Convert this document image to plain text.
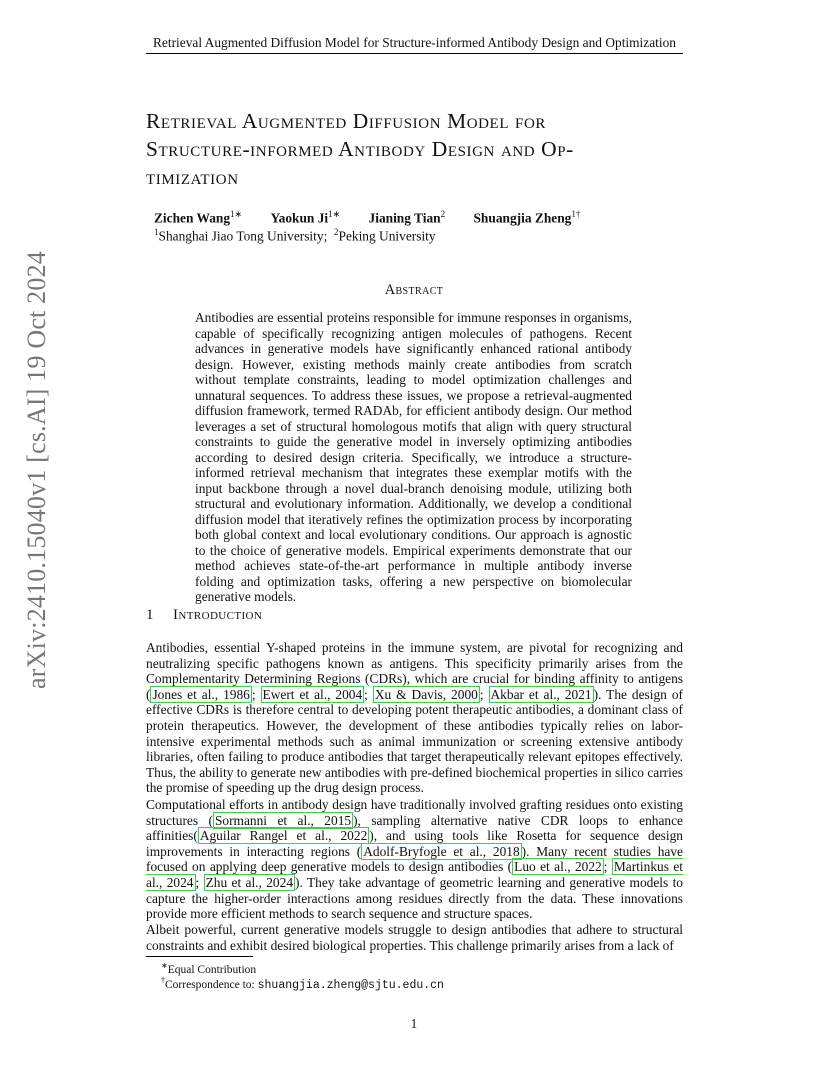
Retrieval Augmented Diffusion Model for Structure-informed Antibody Design and Optimization
arXiv:2410.15040v1 [cs.AI] 19 Oct 2024
Retrieval Augmented Diffusion Model for
Structure-informed Antibody Design and Op-
timization
Zichen Wang$^{1∗}$ Yaokun $Ji^{1∗}$ Jianing Tian$^2$ Shuangjia Zheng$^{1\dagger}$
$^1$Shanghai Jiao Tong University; $^2$Peking University
Abstract
Antibodies are essential proteins responsible for immune responses in organisms, capable of specifically recognizing antigen molecules of pathogens. Recent advances in generative models have significantly enhanced rational antibody design. However, existing methods mainly create antibodies from scratch without template constraints, leading to model optimization challenges and unnatural sequences. To address these issues, we propose a retrieval-augmented diffusion framework, termed RADAb, for efficient antibody design. Our method leverages a set of structural homologous motifs that align with query structural constraints to guide the generative model in inversely optimizing antibodies according to desired design criteria. Specifically, we introduce a structure-informed retrieval mechanism that integrates these exemplar motifs with the input backbone through a novel dual-branch denoising module, utilizing both structural and evolutionary information. Additionally, we develop a conditional diffusion model that iteratively refines the optimization process by incorporating both global context and local evolutionary conditions. Our approach is agnostic to the choice of generative models. Empirical experiments demonstrate that our method achieves state-of-the-art performance in multiple antibody inverse folding and optimization tasks, offering a new perspective on biomolecular generative models.
1 Introduction
Antibodies, essential Y-shaped proteins in the immune system, are pivotal for recognizing and neutralizing specific pathogens known as antigens. This specificity primarily arises from the Complementarity Determining Regions (CDRs), which are crucial for binding affinity to antigens ( Jones et al., 1986 ; Ewert et al., 2004 ; Xu & Davis, 2000 ; Akbar et al., 2021 ). The design of effective CDRs is therefore central to developing potent therapeutic antibodies, a dominant class of protein therapeutics. However, the development of these antibodies typically relies on labor-intensive experimental methods such as animal immunization or screening extensive antibody libraries, often failing to produce antibodies that target therapeutically relevant epitopes effectively. Thus, the ability to generate new antibodies with pre-defined biochemical properties in silico carries the promise of speeding up the drug design process.
Computational efforts in antibody design have traditionally involved grafting residues onto existing structures ( Sormanni et al., 2015 ), sampling alternative native CDR loops to enhance affinities( Aguilar Rangel et al., 2022 ), and using tools like Rosetta for sequence design improvements in interacting regions ( Adolf-Bryfogle et al., 2018 ). Many recent studies have focused on applying deep generative models to design antibodies ( Luo et al., 2022 ; Martinkus et al., 2024 ; Zhu et al., 2024 ). They take advantage of geometric learning and generative models to capture the higher-order interactions among residues directly from the data. These innovations provide more efficient methods to search sequence and structure spaces.
Albeit powerful, current generative models struggle to design antibodies that adhere to structural constraints and exhibit desired biological properties. This challenge primarily arises from a lack of
∗Equal Contribution
†Correspondence to: shuangjia.zheng@sjtu.edu.cn
1
